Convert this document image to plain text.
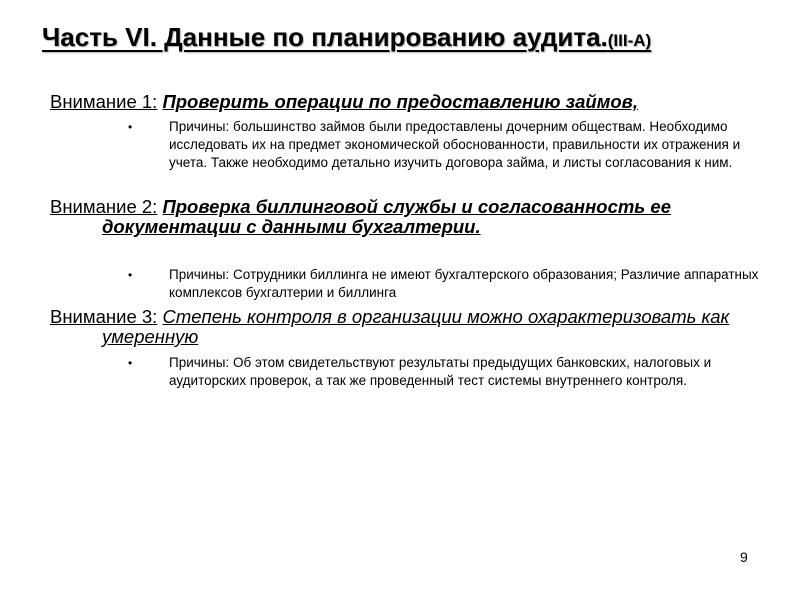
Часть VI. Данные по планированию аудита.(III-A)
Внимание 1: Проверить операции по предоставлению займов,
•	Причины: большинство займов были предоставлены дочерним обществам. Необходимо исследовать их на предмет экономической обоснованности, правильности их отражения и учета. Также необходимо детально изучить договора займа, и листы согласования к ним.
Внимание 2: Проверка биллинговой службы и согласованность ее документации с данными бухгалтерии.
•	Причины: Сотрудники биллинга не имеют бухгалтерского образования; Различие аппаратных комплексов бухгалтерии и биллинга
Внимание 3: Степень контроля в организации можно охарактеризовать как умеренную
•	Причины: Об этом свидетельствуют результаты предыдущих банковских, налоговых и аудиторских проверок, а так же проведенный тест системы внутреннего контроля.
9
